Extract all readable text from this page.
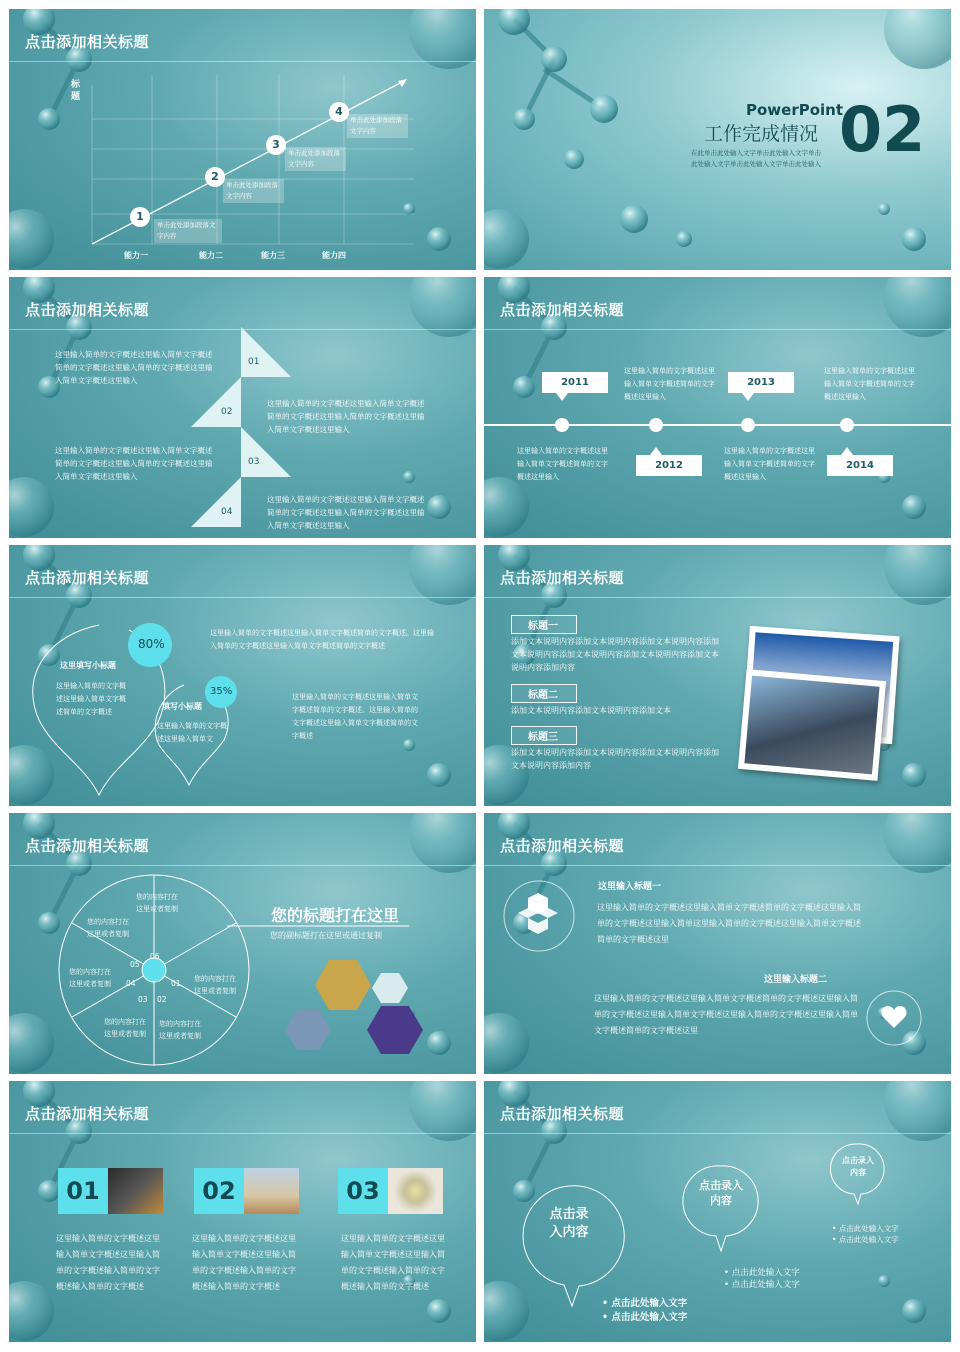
点击添加相关标题
标题
1
2
3
4
单击此处添加段落文字内容
单击此处添加段落文字内容
单击此处添加段落文字内容
单击此处添加段落文字内容
能力一	能力二	能力三	能力四
PowerPoint
工作完成情况 02
在此单击此处输入文字单击此处输入文字单击
此处输入文字单击此处输入文字单击此处输入
点击添加相关标题
01
02
03
04
这里输入简单的文字概述这里输入简单文字概述简单的文字概述这里输入简单的文字概述这里输入简单文字概述这里输入
这里输入简单的文字概述这里输入简单文字概述简单的文字概述这里输入简单的文字概述这里输入简单文字概述这里输入
这里输入简单的文字概述这里输入简单文字概述简单的文字概述这里输入简单的文字概述这里输入简单文字概述这里输入
这里输入简单的文字概述这里输入简单文字概述简单的文字概述这里输入简单的文字概述这里输入简单文字概述这里输入
点击添加相关标题
2011
2012
2013
2014
这里输入简单的文字概述这里输入简单文字概述简单的文字概述这里输入
这里输入简单的文字概述这里输入简单文字概述简单的文字概述这里输入
这里输入简单的文字概述这里输入简单文字概述简单的文字概述这里输入
这里输入简单的文字概述这里输入简单文字概述简单的文字概述这里输入
点击添加相关标题
80%
35%
这里填写小标题
这里输入简单的文字概述这里输入简单文字概述简单的文字概述
填写小标题
这里输入简单的文字概述这里输入简单文
这里输入简单的文字概述这里输入简单文字概述简单的文字概述。这里输入简单的文字概述这里输入简单文字概述简单的文字概述
这里输入简单的文字概述这里输入简单文字概述简单的文字概述。这里输入简单的文字概述这里输入简单文字概述简单的文字概述
点击添加相关标题
标题一
添加文本说明内容添加文本说明内容添加文本说明内容添加文本说明内容添加文本说明内容添加文本说明内容添加文本说明内容添加内容
标题二
添加文本说明内容添加文本说明内容添加文本
标题三
添加文本说明内容添加文本说明内容添加文本说明内容添加文本说明内容添加内容
点击添加相关标题
01
02
03
04
05
06
您的内容打在这里或者复制
您的内容打在这里或者复制
您的内容打在这里或者复制
您的内容打在这里或者复制
您的内容打在这里或者复制
您的内容打在这里或者复制
您的标题打在这里
您的副标题打在这里或通过复制
点击添加相关标题
这里输入标题一
这里输入简单的文字概述这里输入简单文字概述简单的文字概述这里输入简单的文字概述这里输入简单这里输入简单的文字概述这里输入简单文字概述简单的文字概述这里
这里输入标题二
这里输入简单的文字概述这里输入简单文字概述简单的文字概述这里输入简单的文字概述这里输入简单文字概述这里输入简单的文字概述这里输入简单文字概述简单的文字概述这里
点击添加相关标题
01	02	03
这里输入简单的文字概述这里输入简单文字概述这里输入简单的文字概述输入简单的文字概述输入简单的文字概述
这里输入简单的文字概述这里输入简单文字概述这里输入简单的文字概述输入简单的文字概述输入简单的文字概述
这里输入简单的文字概述这里输入简单文字概述这里输入简单的文字概述输入简单的文字概述输入简单的文字概述
点击添加相关标题
点击录入内容
点击录入内容
点击录入内容
• 点击此处输入文字
• 点击此处输入文字
• 点击此处输入文字
• 点击此处输入文字
• 点击此处输入文字
• 点击此处输入文字
